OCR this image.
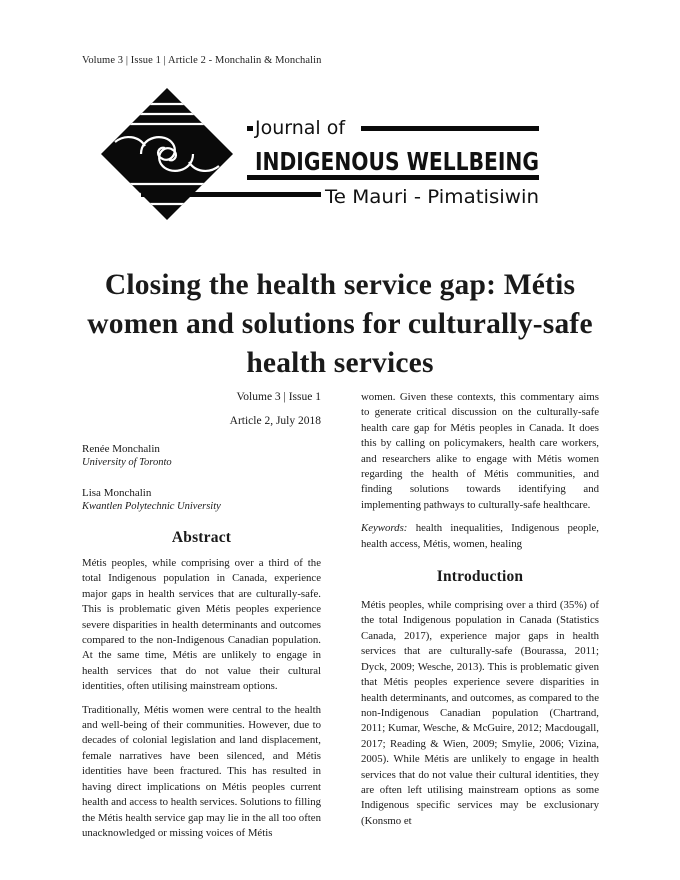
Volume 3 | Issue 1 | Article 2 - Monchalin & Monchalin
Journal of
INDIGENOUS WELLBEING
Te Mauri - Pimatisiwin
Closing the health service gap: Métis women and solutions for culturally-safe health services
Volume 3 | Issue 1
Article 2, July 2018
Renée Monchalin
University of Toronto
Lisa Monchalin
Kwantlen Polytechnic University
Abstract

Métis peoples, while comprising over a third of the total Indigenous population in Canada, experience major gaps in health services that are culturally-safe. This is problematic given Métis peoples experience severe disparities in health determinants and outcomes compared to the non-Indigenous Canadian population. At the same time, Métis are unlikely to engage in health services that do not value their cultural identities, often utilising mainstream options.

Traditionally, Métis women were central to the health and well-being of their communities. However, due to decades of colonial legislation and land displacement, female narratives have been silenced, and Métis identities have been fractured. This has resulted in having direct implications on Métis peoples current health and access to health services. Solutions to filling the Métis health service gap may lie in the all too often unacknowledged or missing voices of Métis

women. Given these contexts, this commentary aims to generate critical discussion on the culturally-safe health care gap for Métis peoples in Canada. It does this by calling on policymakers, health care workers, and researchers alike to engage with Métis women regarding the health of Métis communities, and finding solutions towards identifying and implementing pathways to culturally-safe healthcare.

Keywords: health inequalities, Indigenous people, health access, Métis, women, healing

Introduction

Métis peoples, while comprising over a third (35%) of the total Indigenous population in Canada (Statistics Canada, 2017), experience major gaps in health services that are culturally-safe (Bourassa, 2011; Dyck, 2009; Wesche, 2013). This is problematic given that Métis peoples experience severe disparities in health determinants, and outcomes, as compared to the non-Indigenous Canadian population (Chartrand, 2011; Kumar, Wesche, & McGuire, 2012; Macdougall, 2017; Reading & Wien, 2009; Smylie, 2006; Vizina, 2005). While Métis are unlikely to engage in health services that do not value their cultural identities, they are often left utilising mainstream options as some Indigenous specific services may be exclusionary (Konsmo et
